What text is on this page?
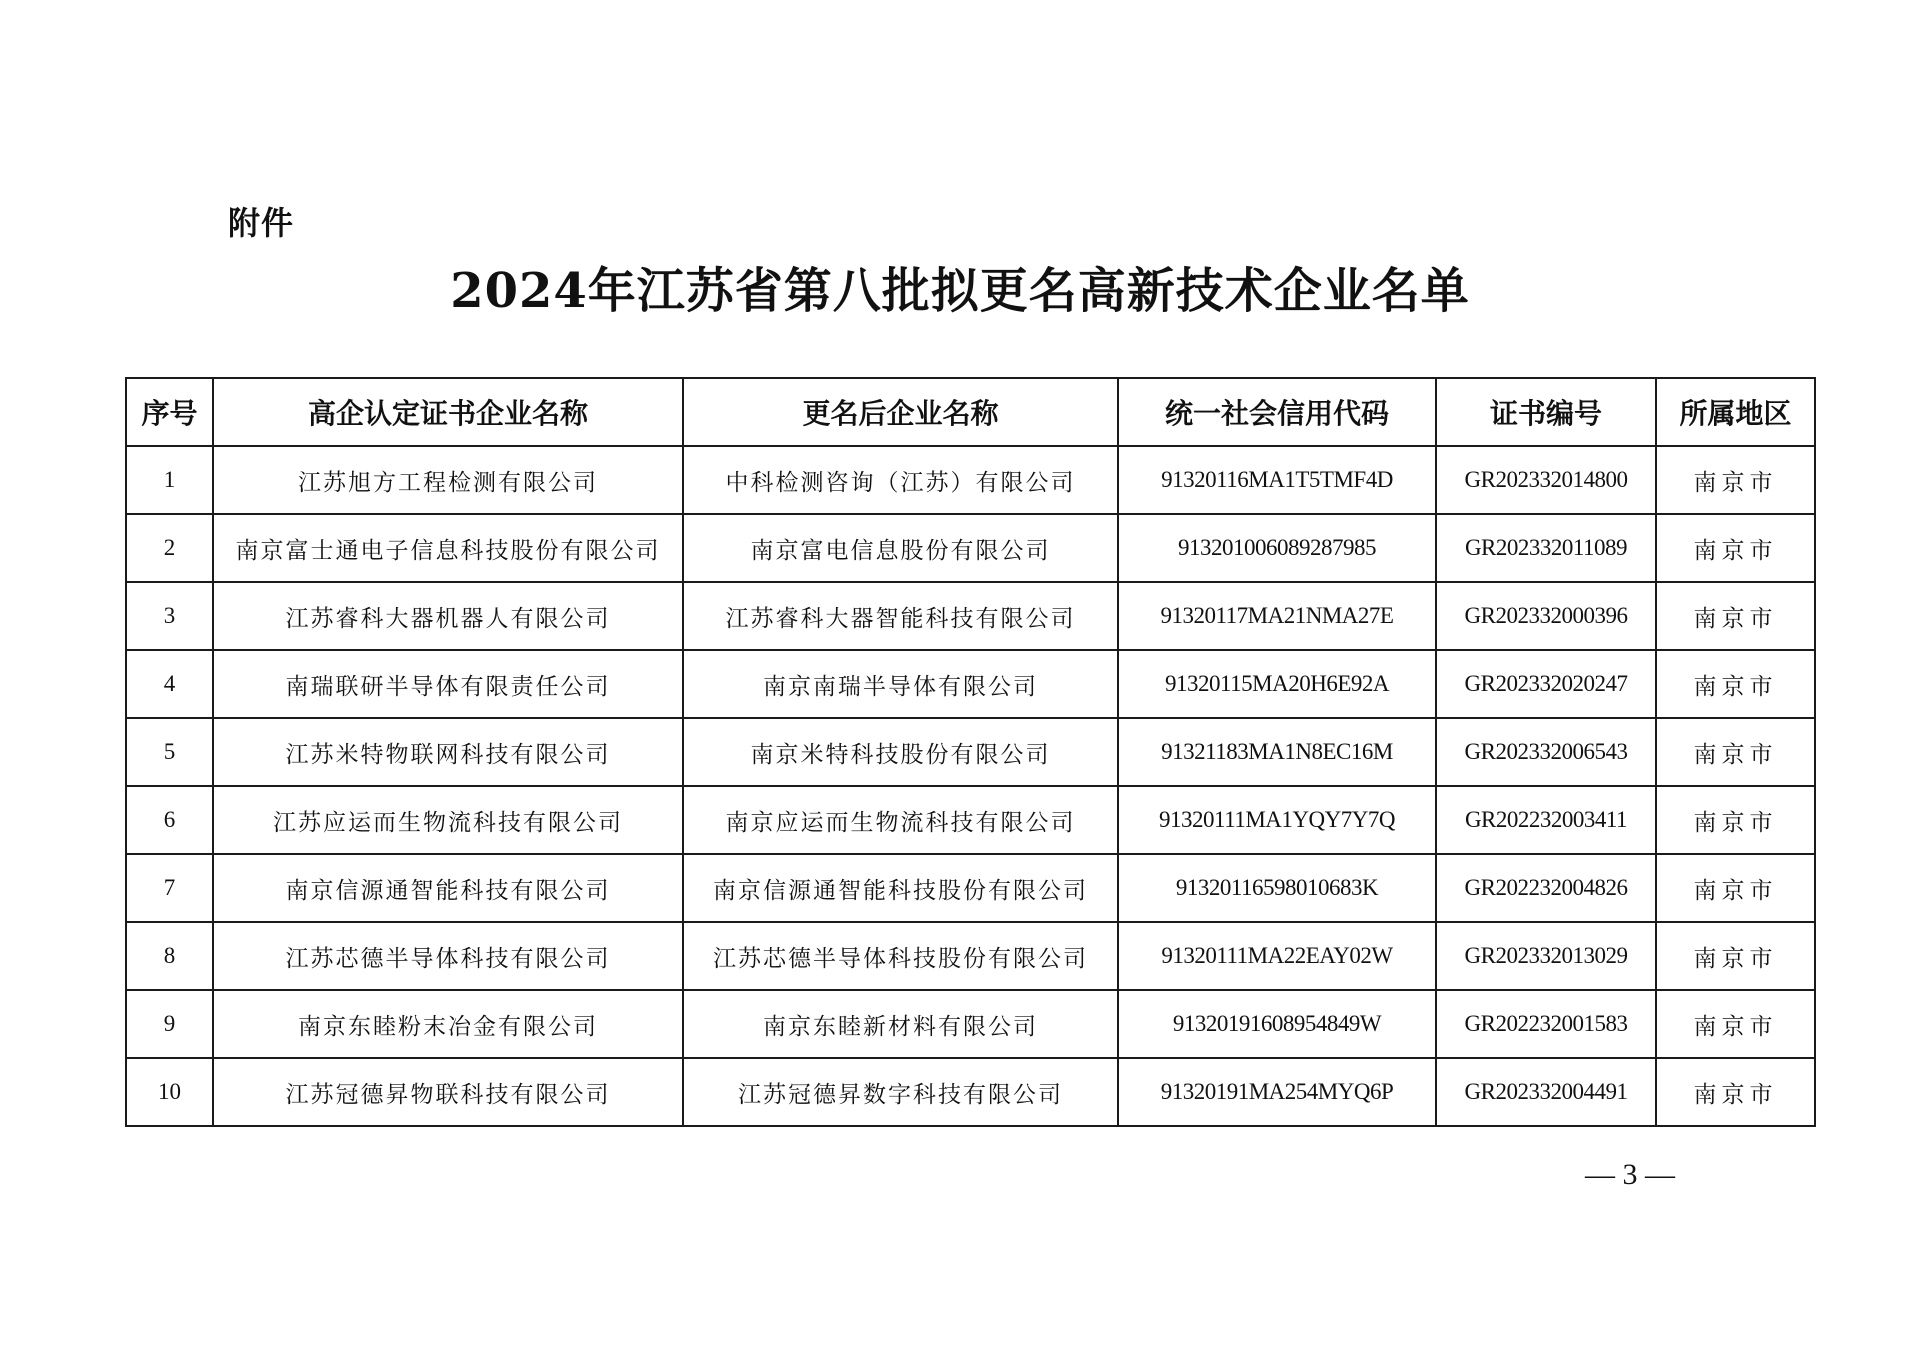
附件
2024年江苏省第八批拟更名高新技术企业名单
序号	高企认定证书企业名称	更名后企业名称	统一社会信用代码	证书编号	所属地区
1	江苏旭方工程检测有限公司	中科检测咨询（江苏）有限公司	91320116MA1T5TMF4D	GR202332014800	南京市
2	南京富士通电子信息科技股份有限公司	南京富电信息股份有限公司	913201006089287985	GR202332011089	南京市
3	江苏睿科大器机器人有限公司	江苏睿科大器智能科技有限公司	91320117MA21NMA27E	GR202332000396	南京市
4	南瑞联研半导体有限责任公司	南京南瑞半导体有限公司	91320115MA20H6E92A	GR202332020247	南京市
5	江苏米特物联网科技有限公司	南京米特科技股份有限公司	91321183MA1N8EC16M	GR202332006543	南京市
6	江苏应运而生物流科技有限公司	南京应运而生物流科技有限公司	91320111MA1YQY7Y7Q	GR202232003411	南京市
7	南京信源通智能科技有限公司	南京信源通智能科技股份有限公司	91320116598010683K	GR202232004826	南京市
8	江苏芯德半导体科技有限公司	江苏芯德半导体科技股份有限公司	91320111MA22EAY02W	GR202332013029	南京市
9	南京东睦粉末冶金有限公司	南京东睦新材料有限公司	91320191608954849W	GR202232001583	南京市
10	江苏冠德昇物联科技有限公司	江苏冠德昇数字科技有限公司	91320191MA254MYQ6P	GR202332004491	南京市
— 3 —
